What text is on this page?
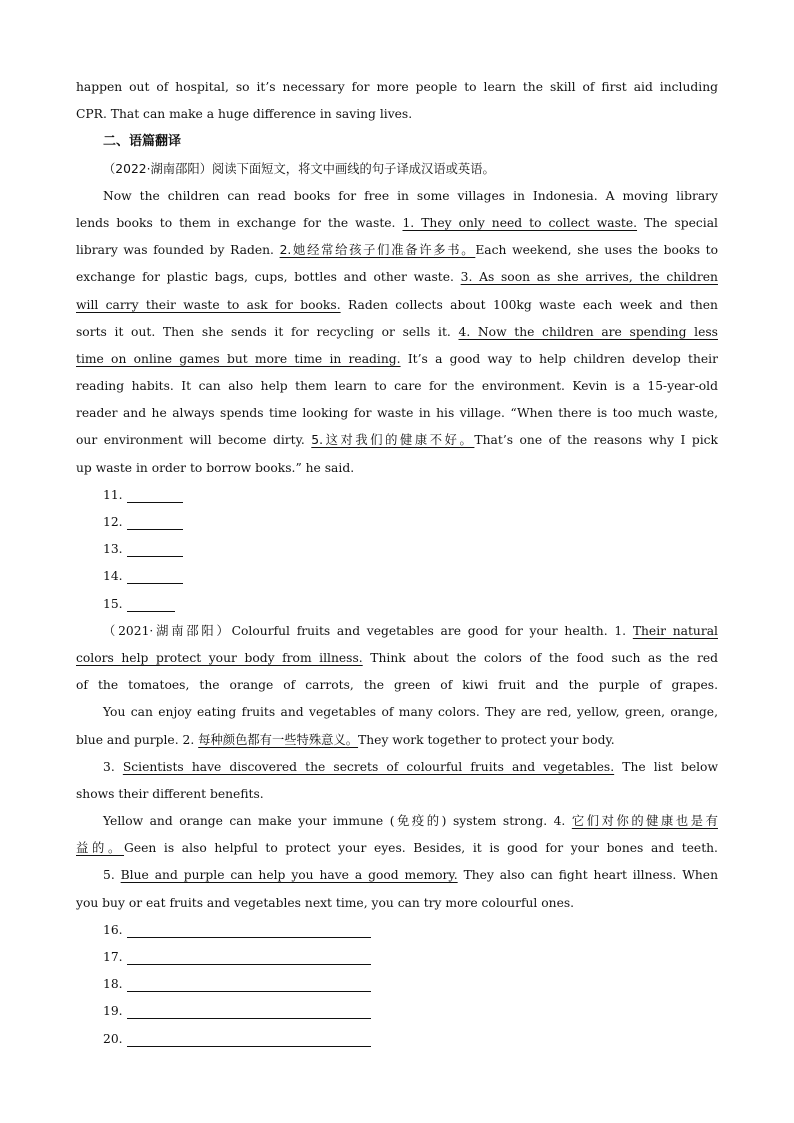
happen out of hospital, so it’s necessary for more people to learn the skill of first aid including
CPR. That can make a huge difference in saving lives.
二、语篇翻译
（2022·湖南邵阳）阅读下面短文，将文中画线的句子译成汉语或英语。
Now the children can read books for free in some villages in Indonesia. A moving library
lends books to them in exchange for the waste. 1. They only need to collect waste. The special
library was founded by Raden. 2.她经常给孩子们准备许多书。Each weekend, she uses the books to
exchange for plastic bags, cups, bottles and other waste. 3. As soon as she arrives, the children
will carry their waste to ask for books. Raden collects about 100kg waste each week and then
sorts it out. Then she sends it for recycling or sells it. 4. Now the children are spending less
time on online games but more time in reading. It’s a good way to help children develop their
reading habits. It can also help them learn to care for the environment. Kevin is a 15-year-old
reader and he always spends time looking for waste in his village. “When there is too much waste,
our environment will become dirty. 5.这对我们的健康不好。That’s one of the reasons why I pick
up waste in order to borrow books.” he said.
11.
12.
13.
14.
15.
（2021·湖南邵阳）Colourful fruits and vegetables are good for your health. 1. Their natural
colors help protect your body from illness. Think about the colors of the food such as the red
of the tomatoes, the orange of carrots, the green of kiwi fruit and the purple of grapes.
You can enjoy eating fruits and vegetables of many colors. They are red, yellow, green, orange,
blue and purple. 2. 每种颜色都有一些特殊意义。They work together to protect your body.
3. Scientists have discovered the secrets of colourful fruits and vegetables. The list below
shows their different benefits.
Yellow and orange can make your immune (免疫的) system strong. 4. 它们对你的健康也是有
益的。Geen is also helpful to protect your eyes. Besides, it is good for your bones and teeth.
5. Blue and purple can help you have a good memory. They also can fight heart illness. When
you buy or eat fruits and vegetables next time, you can try more colourful ones.
16.
17.
18.
19.
20.
